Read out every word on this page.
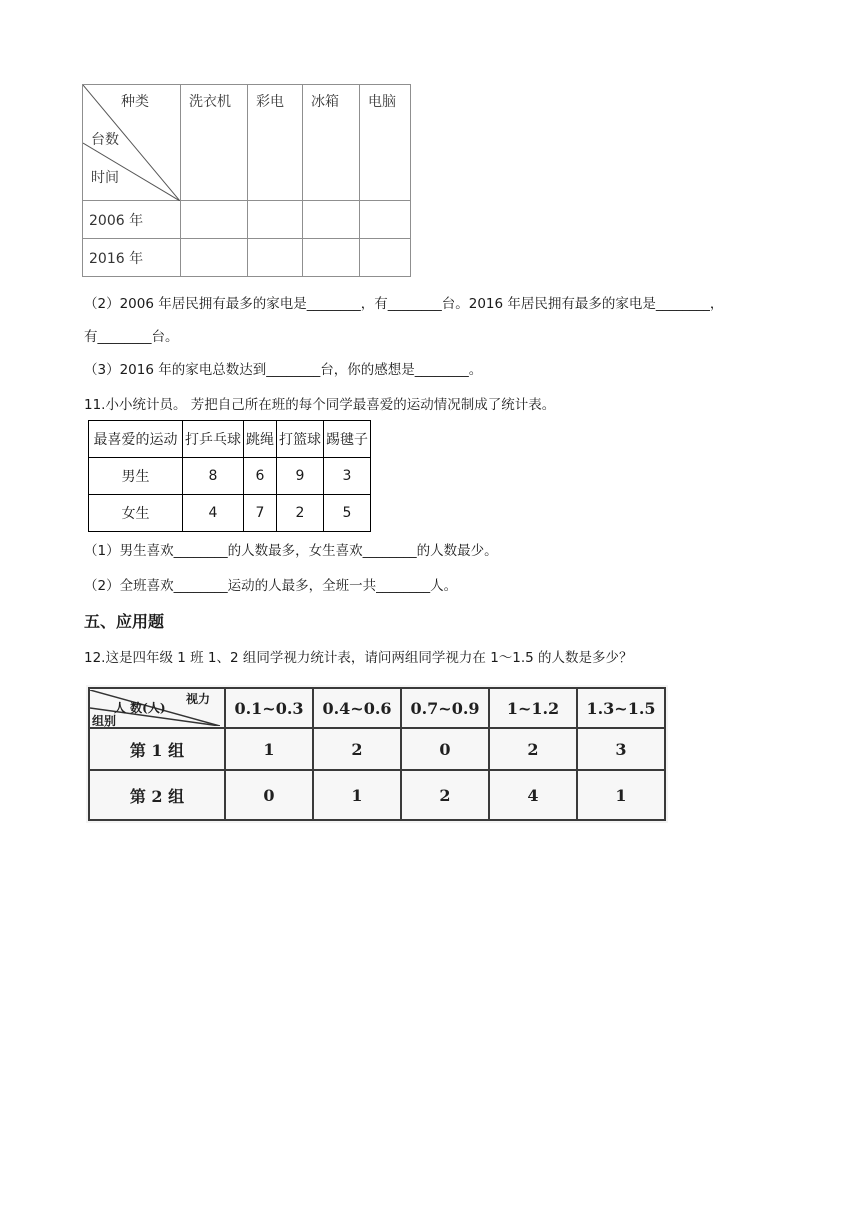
种类
台数
时间	洗衣机	彩电	冰箱	电脑
2006 年				
2016 年				
（2）2006 年居民拥有最多的家电是________，有________台。2016 年居民拥有最多的家电是________，
有________台。
（3）2016 年的家电总数达到________台，你的感想是________。
11.小小统计员。 芳把自己所在班的每个同学最喜爱的运动情况制成了统计表。
最喜爱的运动	打乒乓球	跳绳	打篮球	踢毽子
男生	8	6	9	3
女生	4	7	2	5
（1）男生喜欢________的人数最多，女生喜欢________的人数最少。
（2）全班喜欢________运动的人最多，全班一共________人。
五、应用题
12.这是四年级 1 班 1、2 组同学视力统计表，请问两组同学视力在 1～1.5 的人数是多少？
视力
人 数(人)
组别	0.1~0.3	0.4~0.6	0.7~0.9	1~1.2	1.3~1.5
第 1 组	1	2	0	2	3
第 2 组	0	1	2	4	1
